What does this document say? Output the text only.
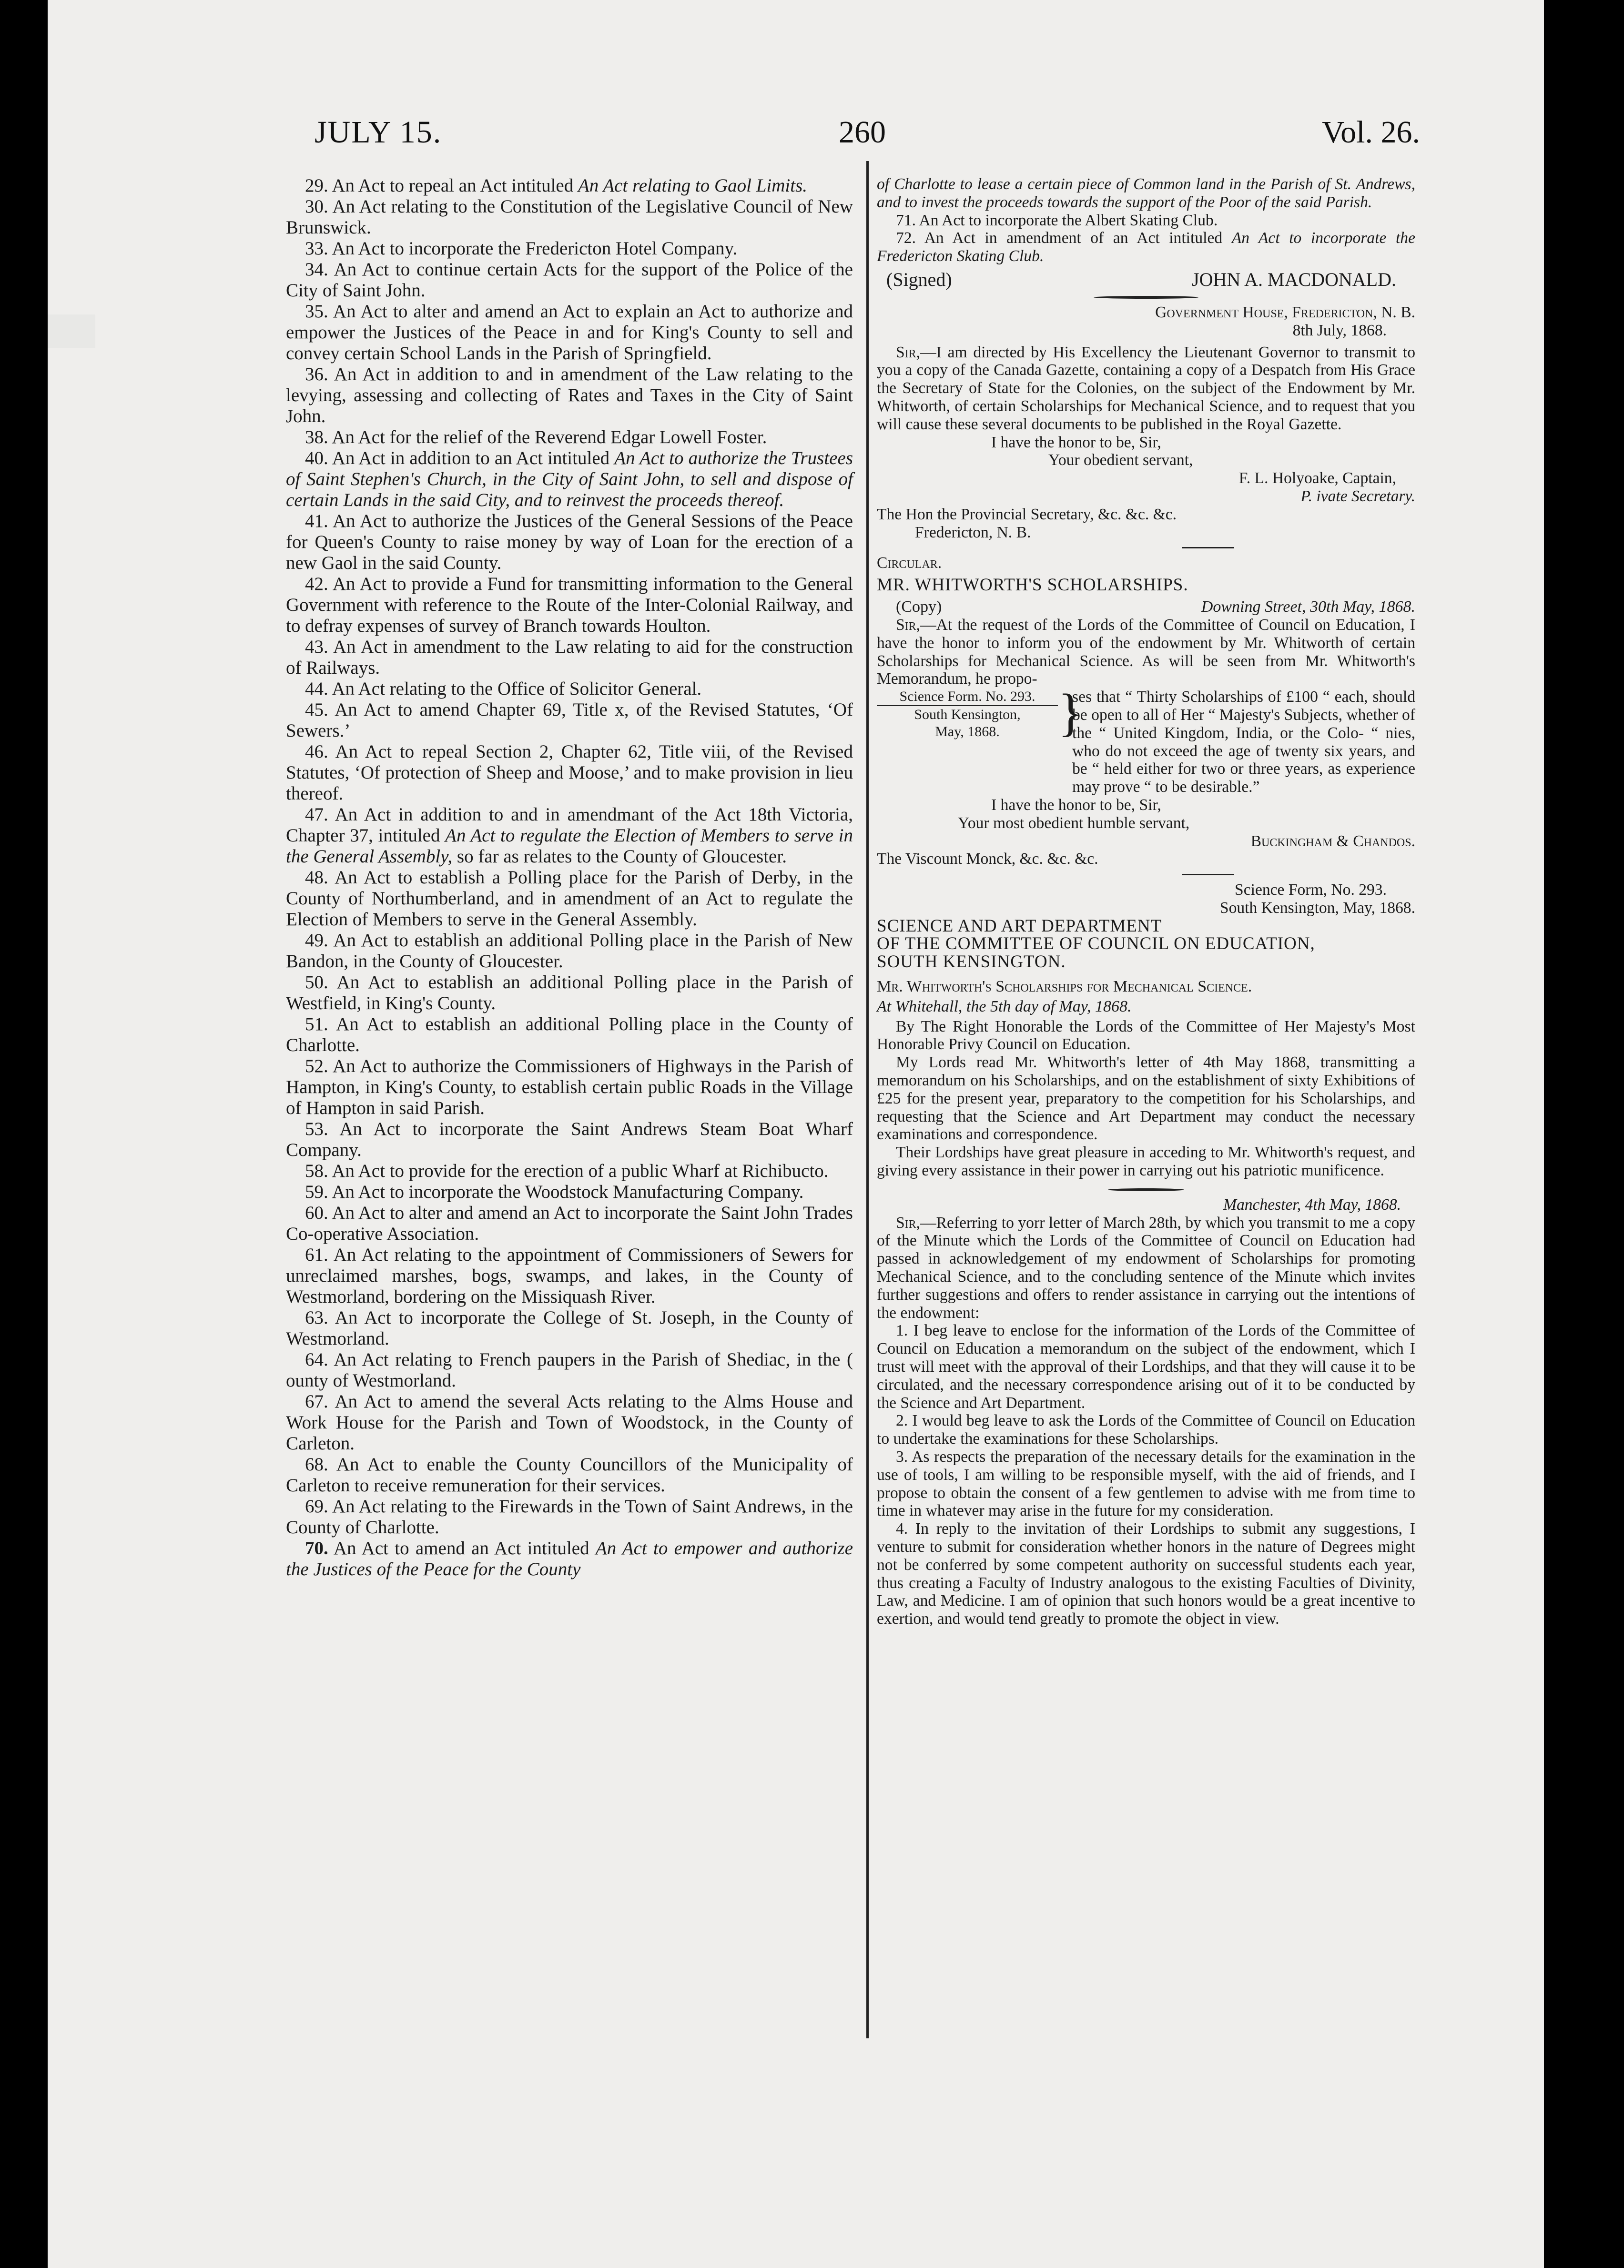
JULY 15.	260	Vol. 26.

29. An Act to repeal an Act intituled An Act relating to Gaol Limits.

30. An Act relating to the Constitution of the Legislative Council of New Brunswick.

33. An Act to incorporate the Fredericton Hotel Company.

34. An Act to continue certain Acts for the support of the Police of the City of Saint John.

35. An Act to alter and amend an Act to explain an Act to authorize and empower the Justices of the Peace in and for King's County to sell and convey certain School Lands in the Parish of Springfield.

36. An Act in addition to and in amendment of the Law relating to the levying, assessing and collecting of Rates and Taxes in the City of Saint John.

38. An Act for the relief of the Reverend Edgar Lowell Foster.

40. An Act in addition to an Act intituled An Act to authorize the Trustees of Saint Stephen's Church, in the City of Saint John, to sell and dispose of certain Lands in the said City, and to reinvest the proceeds thereof.

41. An Act to authorize the Justices of the General Sessions of the Peace for Queen's County to raise money by way of Loan for the erection of a new Gaol in the said County.

42. An Act to provide a Fund for transmitting information to the General Government with reference to the Route of the Inter-Colonial Railway, and to defray expenses of survey of Branch towards Houlton.

43. An Act in amendment to the Law relating to aid for the construction of Railways.

44. An Act relating to the Office of Solicitor General.

45. An Act to amend Chapter 69, Title x, of the Revised Statutes, ‘Of Sewers.’

46. An Act to repeal Section 2, Chapter 62, Title viii, of the Revised Statutes, ‘Of protection of Sheep and Moose,’ and to make provision in lieu thereof.

47. An Act in addition to and in amendmant of the Act 18th Victoria, Chapter 37, intituled An Act to regulate the Election of Members to serve in the General Assembly, so far as relates to the County of Gloucester.

48. An Act to establish a Polling place for the Parish of Derby, in the County of Northumberland, and in amendment of an Act to regulate the Election of Members to serve in the General Assembly.

49. An Act to establish an additional Polling place in the Parish of New Bandon, in the County of Gloucester.

50. An Act to establish an additional Polling place in the Parish of Westfield, in King's County.

51. An Act to establish an additional Polling place in the County of Charlotte.

52. An Act to authorize the Commissioners of Highways in the Parish of Hampton, in King's County, to establish certain public Roads in the Village of Hampton in said Parish.

53. An Act to incorporate the Saint Andrews Steam Boat Wharf Company.

58. An Act to provide for the erection of a public Wharf at Richibucto.

59. An Act to incorporate the Woodstock Manufacturing Company.

60. An Act to alter and amend an Act to incorporate the Saint John Trades Co-operative Association.

61. An Act relating to the appointment of Commissioners of Sewers for unreclaimed marshes, bogs, swamps, and lakes, in the County of Westmorland, bordering on the Missiquash River.

63. An Act to incorporate the College of St. Joseph, in the County of Westmorland.

64. An Act relating to French paupers in the Parish of Shediac, in the ( ounty of Westmorland.

67. An Act to amend the several Acts relating to the Alms House and Work House for the Parish and Town of Woodstock, in the County of Carleton.

68. An Act to enable the County Councillors of the Municipality of Carleton to receive remuneration for their services.

69. An Act relating to the Firewards in the Town of Saint Andrews, in the County of Charlotte.

70. An Act to amend an Act intituled An Act to empower and authorize the Justices of the Peace for the County

of Charlotte to lease a certain piece of Common land in the Parish of St. Andrews, and to invest the proceeds towards the support of the Poor of the said Parish.

71. An Act to incorporate the Albert Skating Club.

72. An Act in amendment of an Act intituled An Act to incorporate the Fredericton Skating Club.

(Signed)	JOHN A. MACDONALD.

Government House, Fredericton, N. B.

8th July, 1868.

Sir,—I am directed by His Excellency the Lieutenant Governor to transmit to you a copy of the Canada Gazette, containing a copy of a Despatch from His Grace the Secretary of State for the Colonies, on the subject of the Endowment by Mr. Whitworth, of certain Scholarships for Mechanical Science, and to request that you will cause these several documents to be published in the Royal Gazette.

I have the honor to be, Sir,

Your obedient servant,

F. L. Holyoake, Captain,

P. ivate Secretary.

The Hon the Provincial Secretary, &c. &c. &c.

Fredericton, N. B.

Circular.

MR. WHITWORTH'S SCHOLARSHIPS.

(Copy)	Downing Street, 30th May, 1868.

Sir,—At the request of the Lords of the Committee of Council on Education, I have the honor to inform you of the endowment by Mr. Whitworth of certain Scholarships for Mechanical Science. As will be seen from Mr. Whitworth's Memorandum, he propo-

Science Form. No. 293.
South Kensington,
May, 1868.	}
ses that “ Thirty Scholarships of £100 “ each, should be open to all of Her “ Majesty's Subjects, whether of the “ United Kingdom, India, or the Colo- “ nies, who do not exceed the age of twenty six years, and be “ held either for two or three years, as experience may prove “ to be desirable.”

I have the honor to be, Sir,

Your most obedient humble servant,

Buckingham & Chandos.

The Viscount Monck, &c. &c. &c.

Science Form, No. 293.

South Kensington, May, 1868.

SCIENCE AND ART DEPARTMENT

OF THE COMMITTEE OF COUNCIL ON EDUCATION,

SOUTH KENSINGTON.

Mr. Whitworth's Scholarships for Mechanical Science.

At Whitehall, the 5th day of May, 1868.

By The Right Honorable the Lords of the Committee of Her Majesty's Most Honorable Privy Council on Education.

My Lords read Mr. Whitworth's letter of 4th May 1868, transmitting a memorandum on his Scholarships, and on the establishment of sixty Exhibitions of £25 for the present year, preparatory to the competition for his Scholarships, and requesting that the Science and Art Department may conduct the necessary examinations and correspondence.

Their Lordships have great pleasure in acceding to Mr. Whitworth's request, and giving every assistance in their power in carrying out his patriotic munificence.

Manchester, 4th May, 1868.

Sir,—Referring to yorr letter of March 28th, by which you transmit to me a copy of the Minute which the Lords of the Committee of Council on Education had passed in acknowledgement of my endowment of Scholarships for promoting Mechanical Science, and to the concluding sentence of the Minute which invites further suggestions and offers to render assistance in carrying out the intentions of the endowment:

1. I beg leave to enclose for the information of the Lords of the Committee of Council on Education a memorandum on the subject of the endowment, which I trust will meet with the approval of their Lordships, and that they will cause it to be circulated, and the necessary correspondence arising out of it to be conducted by the Science and Art Department.

2. I would beg leave to ask the Lords of the Committee of Council on Education to undertake the examinations for these Scholarships.

3. As respects the preparation of the necessary details for the examination in the use of tools, I am willing to be responsible myself, with the aid of friends, and I propose to obtain the consent of a few gentlemen to advise with me from time to time in whatever may arise in the future for my consideration.

4. In reply to the invitation of their Lordships to submit any suggestions, I venture to submit for consideration whether honors in the nature of Degrees might not be conferred by some competent authority on successful students each year, thus creating a Faculty of Industry analogous to the existing Faculties of Divinity, Law, and Medicine. I am of opinion that such honors would be a great incentive to exertion, and would tend greatly to promote the object in view.
